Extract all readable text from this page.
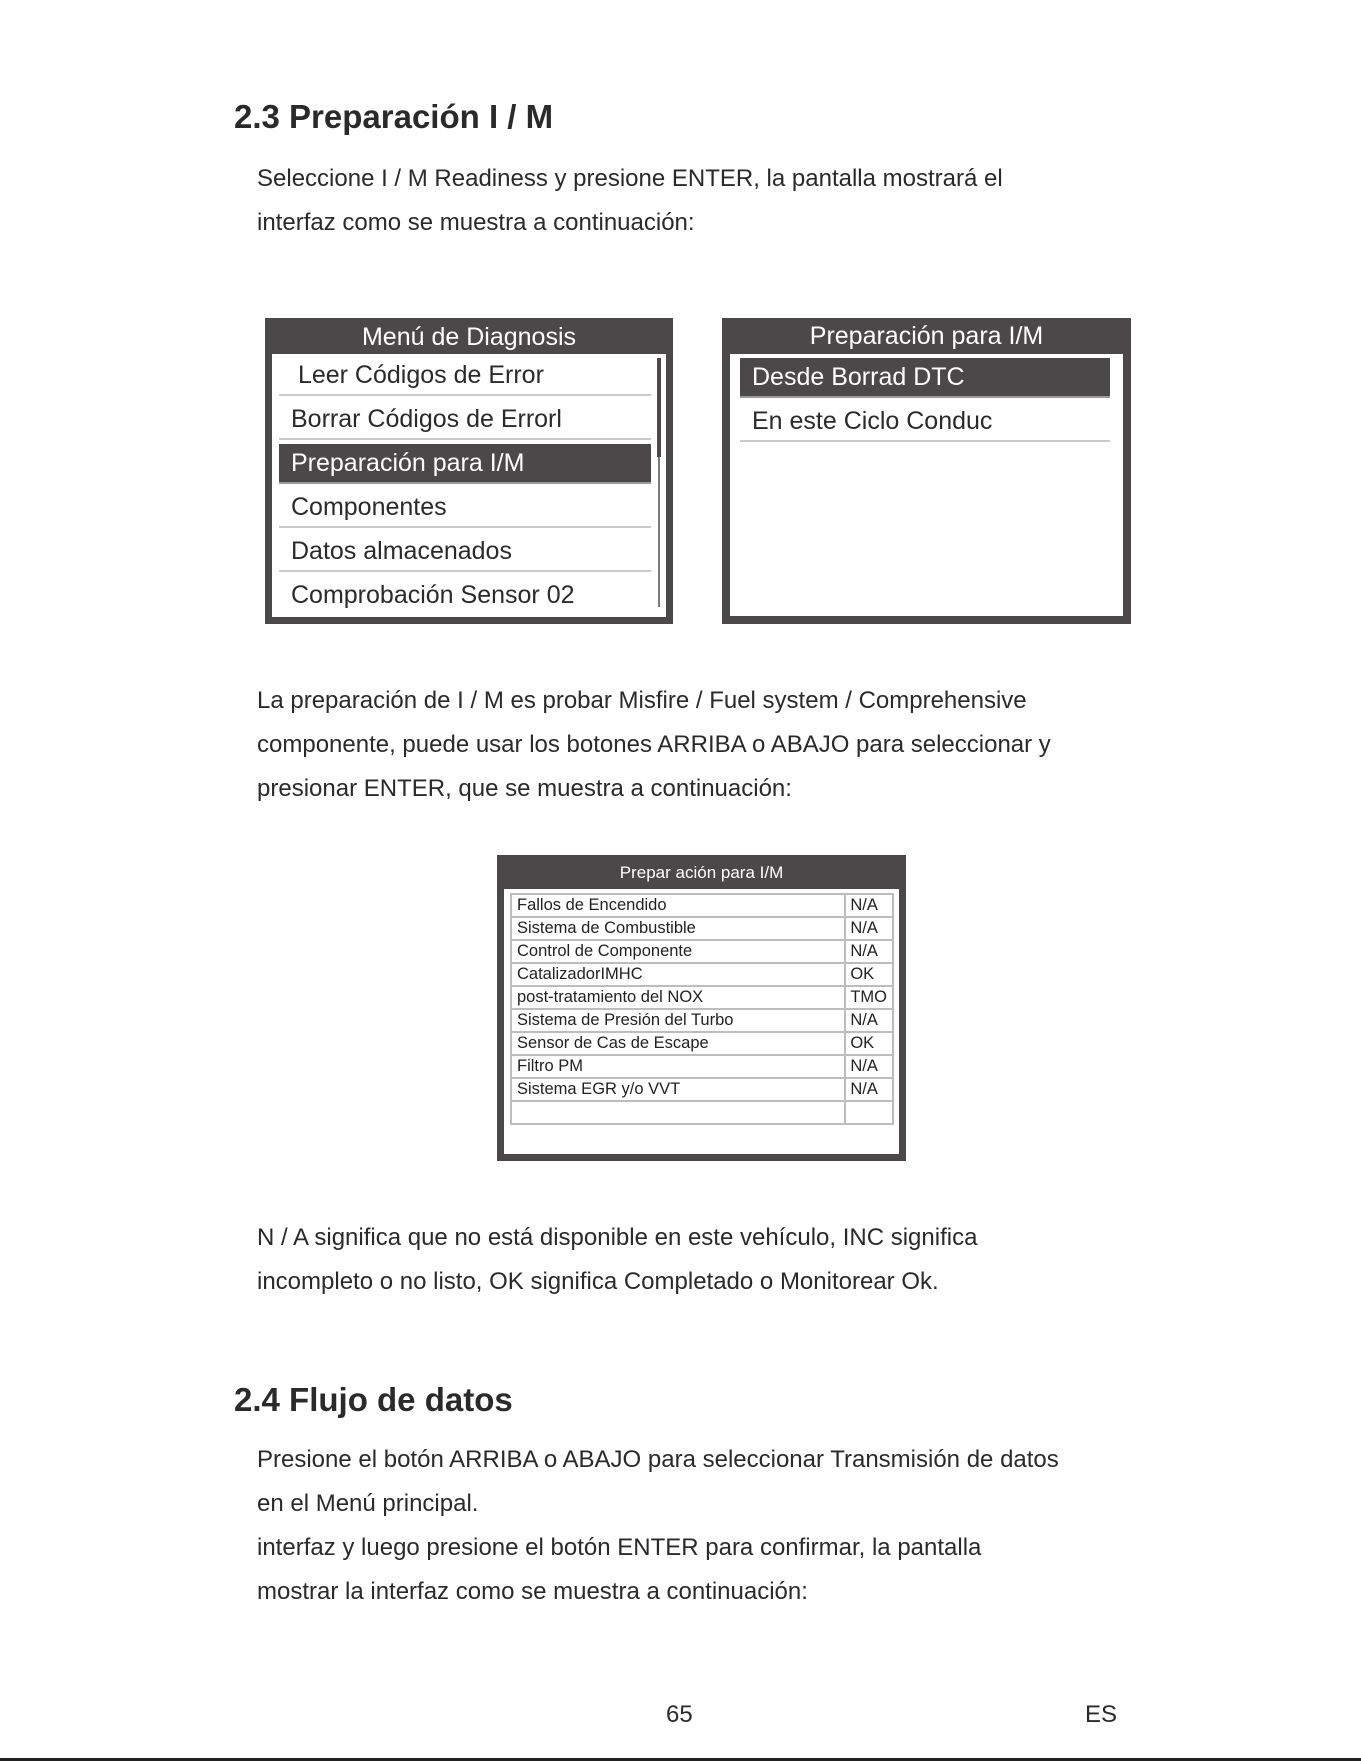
2.3 Preparación I / M

Seleccione I / M Readiness y presione ENTER, la pantalla mostrará el

interfaz como se muestra a continuación:

Menú de Diagnosis
Leer Códigos de Error
Borrar Códigos de Errorl
Preparación para I/M
Componentes
Datos almacenados
Comprobación Sensor 02
Preparación para I/M
Desde Borrad DTC
En este Ciclo Conduc

La preparación de I / M es probar Misfire / Fuel system / Comprehensive

componente, puede usar los botones ARRIBA o ABAJO para seleccionar y

presionar ENTER, que se muestra a continuación:

Prepar ación para I/M
Fallos de Encendido	N/A
Sistema de Combustible	N/A
Control de Componente	N/A
CatalizadorIMHC	OK
post-tratamiento del NOX	TMO
Sistema de Presión del Turbo	N/A
Sensor de Cas de Escape	OK
Filtro PM	N/A
Sistema EGR y/o VVT	N/A

N / A significa que no está disponible en este vehículo, INC significa

incompleto o no listo, OK significa Completado o Monitorear Ok.

2.4 Flujo de datos

Presione el botón ARRIBA o ABAJO para seleccionar Transmisión de datos

en el Menú principal.

interfaz y luego presione el botón ENTER para confirmar, la pantalla

mostrar la interfaz como se muestra a continuación:

65	ES
